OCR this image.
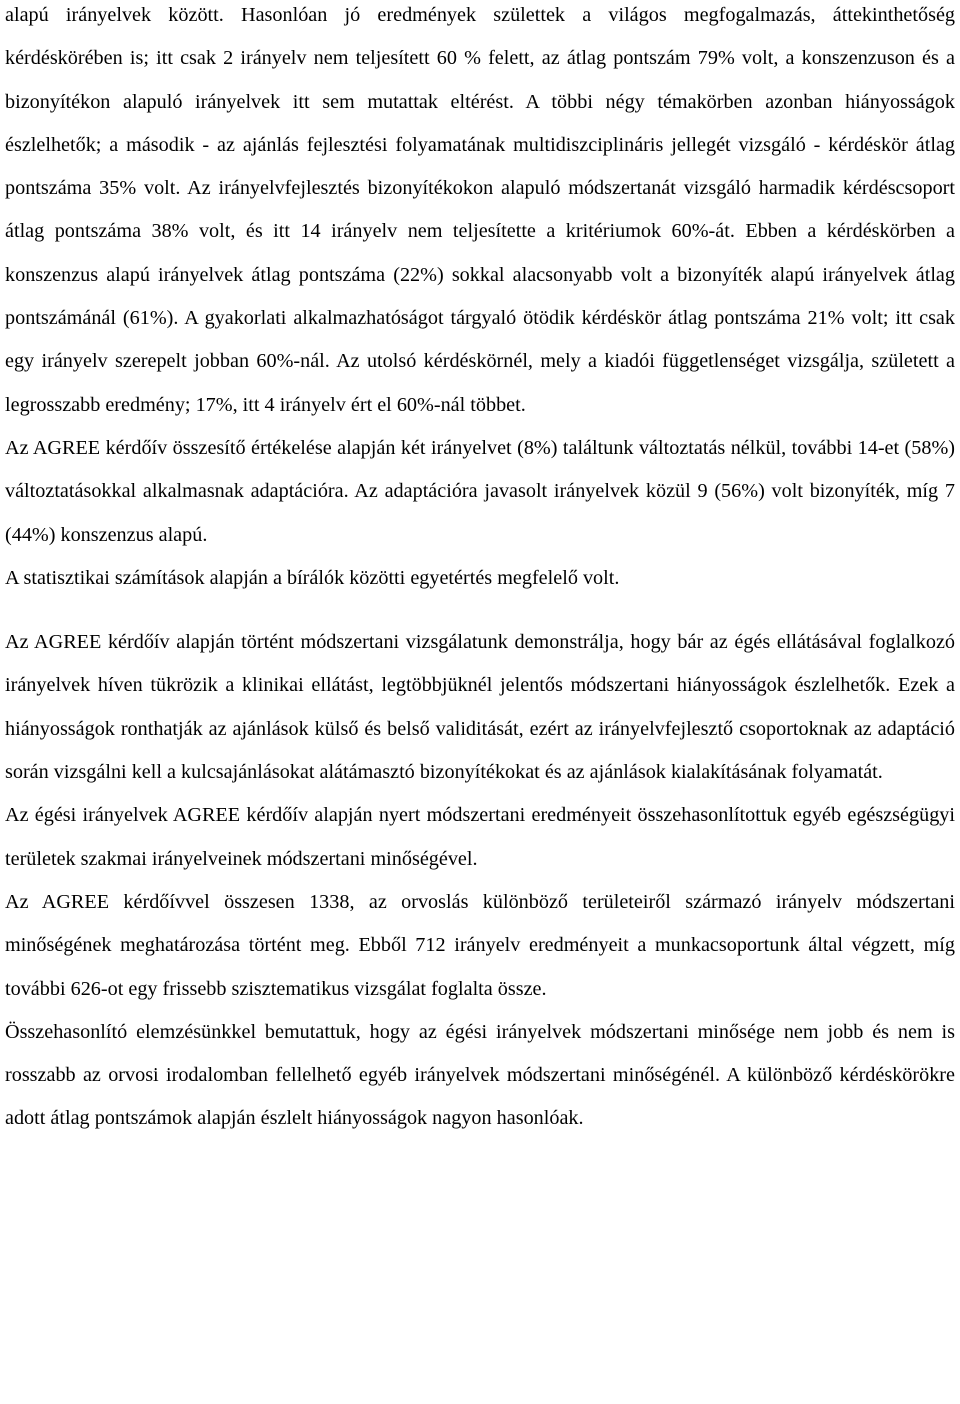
alapú irányelvek között. Hasonlóan jó eredmények születtek a világos megfogalmazás, áttekinthetőség kérdéskörében is; itt csak 2 irányelv nem teljesített 60 % felett, az átlag pontszám 79% volt, a konszenzuson és a bizonyítékon alapuló irányelvek itt sem mutattak eltérést. A többi négy témakörben azonban hiányosságok észlelhetők; a második - az ajánlás fejlesztési folyamatának multidiszciplináris jellegét vizsgáló - kérdéskör átlag pontszáma 35% volt. Az irányelvfejlesztés bizonyítékokon alapuló módszertanát vizsgáló harmadik kérdéscsoport átlag pontszáma 38% volt, és itt 14 irányelv nem teljesítette a kritériumok 60%-át. Ebben a kérdéskörben a konszenzus alapú irányelvek átlag pontszáma (22%) sokkal alacsonyabb volt a bizonyíték alapú irányelvek átlag pontszámánál (61%). A gyakorlati alkalmazhatóságot tárgyaló ötödik kérdéskör átlag pontszáma 21% volt; itt csak egy irányelv szerepelt jobban 60%-nál. Az utolsó kérdéskörnél, mely a kiadói függetlenséget vizsgálja, született a legrosszabb eredmény; 17%, itt 4 irányelv ért el 60%-nál többet.

Az AGREE kérdőív összesítő értékelése alapján két irányelvet (8%) találtunk változtatás nélkül, további 14-et (58%) változtatásokkal alkalmasnak adaptációra. Az adaptációra javasolt irányelvek közül 9 (56%) volt bizonyíték, míg 7 (44%) konszenzus alapú.

A statisztikai számítások alapján a bírálók közötti egyetértés megfelelő volt.

Az AGREE kérdőív alapján történt módszertani vizsgálatunk demonstrálja, hogy bár az égés ellátásával foglalkozó irányelvek híven tükrözik a klinikai ellátást, legtöbbjüknél jelentős módszertani hiányosságok észlelhetők. Ezek a hiányosságok ronthatják az ajánlások külső és belső validitását, ezért az irányelvfejlesztő csoportoknak az adaptáció során vizsgálni kell a kulcsajánlásokat alátámasztó bizonyítékokat és az ajánlások kialakításának folyamatát.

Az égési irányelvek AGREE kérdőív alapján nyert módszertani eredményeit összehasonlítottuk egyéb egészségügyi területek szakmai irányelveinek módszertani minőségével.

Az AGREE kérdőívvel összesen 1338, az orvoslás különböző területeiről származó irányelv módszertani minőségének meghatározása történt meg. Ebből 712 irányelv eredményeit a munkacsoportunk által végzett, míg további 626-ot egy frissebb szisztematikus vizsgálat foglalta össze.

Összehasonlító elemzésünkkel bemutattuk, hogy az égési irányelvek módszertani minősége nem jobb és nem is rosszabb az orvosi irodalomban fellelhető egyéb irányelvek módszertani minőségénél. A különböző kérdéskörökre adott átlag pontszámok alapján észlelt hiányosságok nagyon hasonlóak.
